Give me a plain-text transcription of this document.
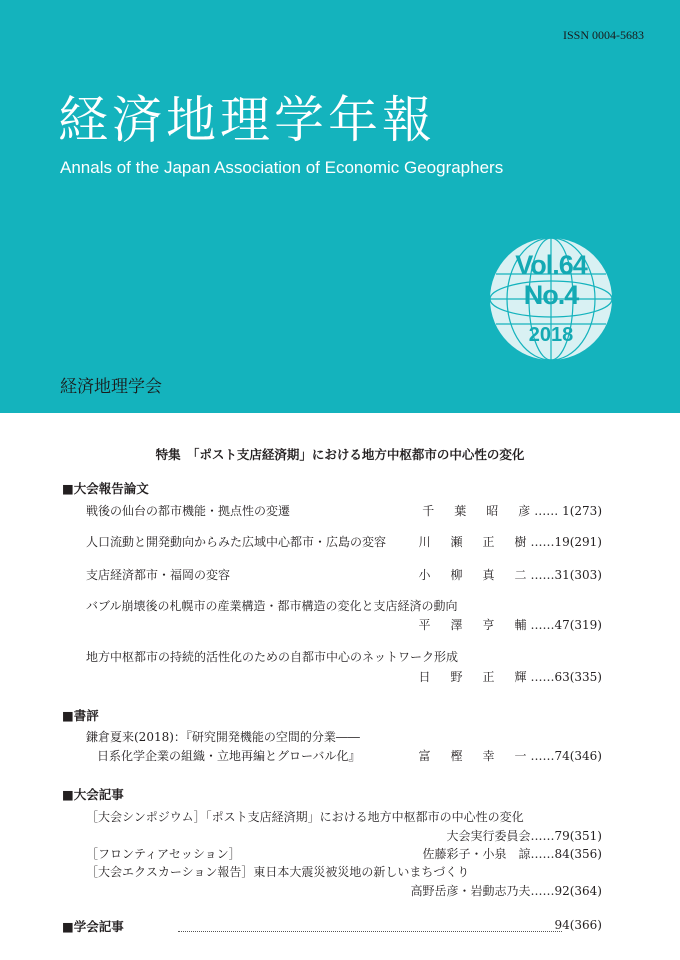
ISSN 0004-5683
経済地理学年報
Annals of the Japan Association of Economic Geographers
Vol.64
No.4
2018
経済地理学会
特集　「ポスト支店経済期」における地方中枢都市の中心性の変化
■大会報告論文
戦後の仙台の都市機能・拠点性の変遷	千　葉　昭　彦…… 1(273)
人口流動と開発動向からみた広域中心都市・広島の変容	川　瀬　正　樹……19(291)
支店経済都市・福岡の変容	小　柳　真　二……31(303)
バブル崩壊後の札幌市の産業構造・都市構造の変化と支店経済の動向
平　澤　亨　輔……47(319)
地方中枢都市の持続的活性化のための自都市中心のネットワーク形成
日　野　正　輝……63(335)
■書評
鎌倉夏来(2018)：『研究開発機能の空間的分業――
日系化学企業の組織・立地再編とグローバル化』	富　樫　幸　一……74(346)
■大会記事
［大会シンポジウム］「ポスト支店経済期」における地方中枢都市の中心性の変化
大会実行委員会……79(351)
［フロンティアセッション］	佐藤彩子・小泉　諒……84(356)
［大会エクスカーション報告］東日本大震災被災地の新しいまちづくり
高野岳彦・岩動志乃夫……92(364)
■学会記事	94(366)
